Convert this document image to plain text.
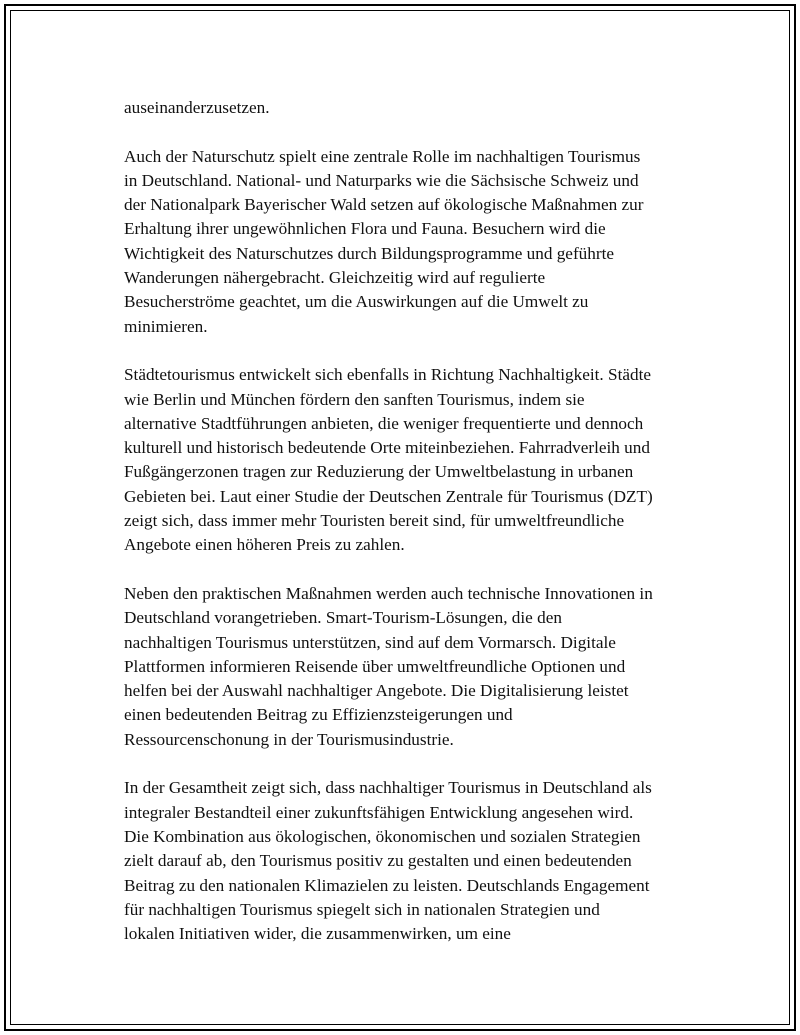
auseinanderzusetzen.

Auch der Naturschutz spielt eine zentrale Rolle im nachhaltigen Tourismus
in Deutschland. National- und Naturparks wie die Sächsische Schweiz und
der Nationalpark Bayerischer Wald setzen auf ökologische Maßnahmen zur
Erhaltung ihrer ungewöhnlichen Flora und Fauna. Besuchern wird die
Wichtigkeit des Naturschutzes durch Bildungsprogramme und geführte
Wanderungen nähergebracht. Gleichzeitig wird auf regulierte
Besucherströme geachtet, um die Auswirkungen auf die Umwelt zu
minimieren.

Städtetourismus entwickelt sich ebenfalls in Richtung Nachhaltigkeit. Städte
wie Berlin und München fördern den sanften Tourismus, indem sie
alternative Stadtführungen anbieten, die weniger frequentierte und dennoch
kulturell und historisch bedeutende Orte miteinbeziehen. Fahrradverleih und
Fußgängerzonen tragen zur Reduzierung der Umweltbelastung in urbanen
Gebieten bei. Laut einer Studie der Deutschen Zentrale für Tourismus (DZT)
zeigt sich, dass immer mehr Touristen bereit sind, für umweltfreundliche
Angebote einen höheren Preis zu zahlen.

Neben den praktischen Maßnahmen werden auch technische Innovationen in
Deutschland vorangetrieben. Smart-Tourism-Lösungen, die den
nachhaltigen Tourismus unterstützen, sind auf dem Vormarsch. Digitale
Plattformen informieren Reisende über umweltfreundliche Optionen und
helfen bei der Auswahl nachhaltiger Angebote. Die Digitalisierung leistet
einen bedeutenden Beitrag zu Effizienzsteigerungen und
Ressourcenschonung in der Tourismusindustrie.

In der Gesamtheit zeigt sich, dass nachhaltiger Tourismus in Deutschland als
integraler Bestandteil einer zukunftsfähigen Entwicklung angesehen wird.
Die Kombination aus ökologischen, ökonomischen und sozialen Strategien
zielt darauf ab, den Tourismus positiv zu gestalten und einen bedeutenden
Beitrag zu den nationalen Klimazielen zu leisten. Deutschlands Engagement
für nachhaltigen Tourismus spiegelt sich in nationalen Strategien und
lokalen Initiativen wider, die zusammenwirken, um eine
